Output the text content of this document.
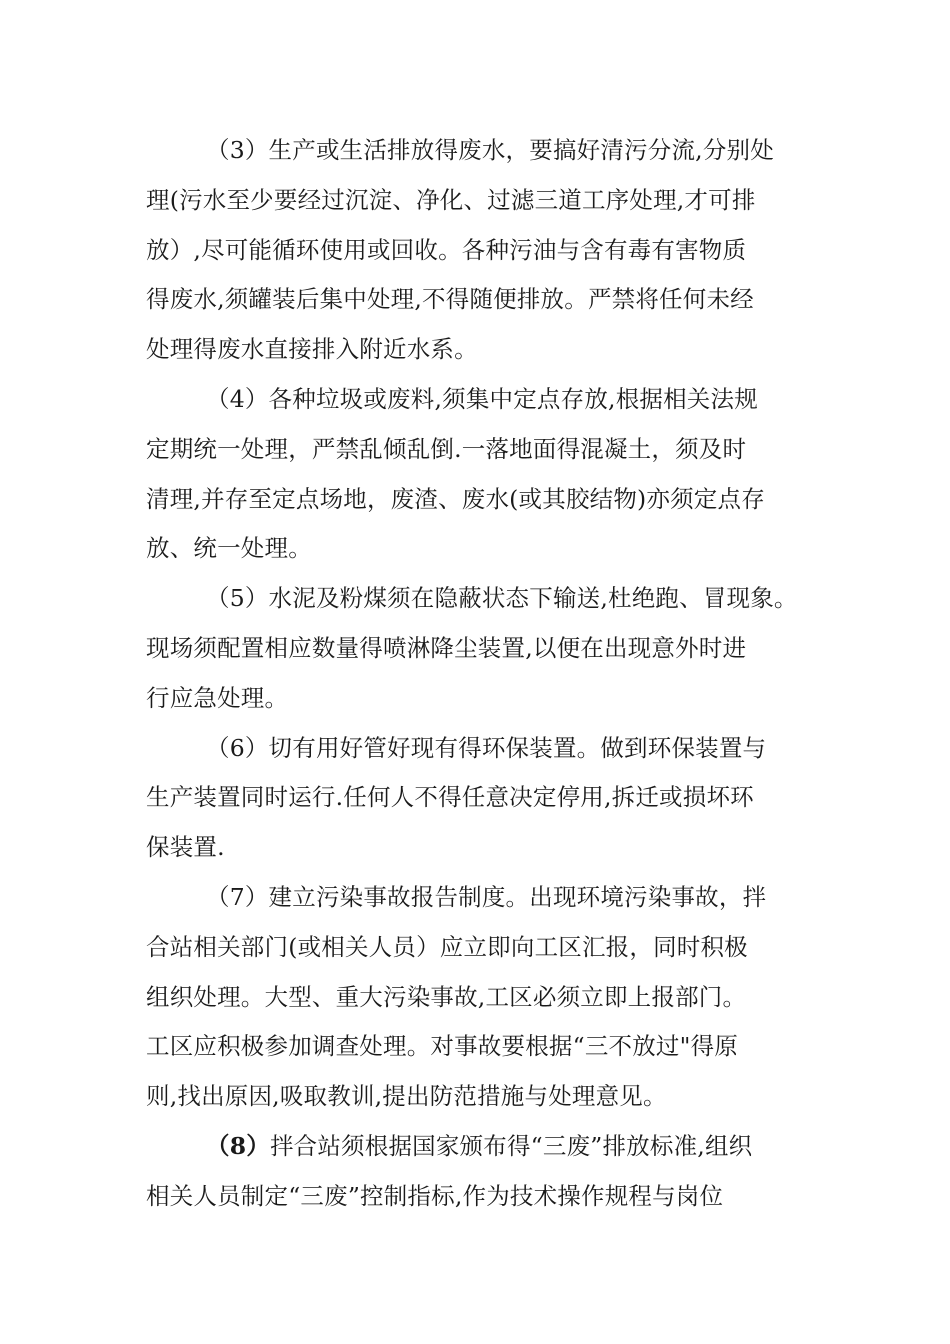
（3）生产或生活排放得废水，要搞好清污分流,分别处
理(污水至少要经过沉淀、净化、过滤三道工序处理,才可排
放）,尽可能循环使用或回收。各种污油与含有毒有害物质
得废水,须罐装后集中处理,不得随便排放。严禁将任何未经
处理得废水直接排入附近水系。
（4）各种垃圾或废料,须集中定点存放,根据相关法规
定期统一处理，严禁乱倾乱倒.一落地面得混凝土，须及时
清理,并存至定点场地，废渣、废水(或其胶结物)亦须定点存
放、统一处理。
（5）水泥及粉煤须在隐蔽状态下输送,杜绝跑、冒现象。
现场须配置相应数量得喷淋降尘装置,以便在出现意外时进
行应急处理。
（6）切有用好管好现有得环保装置。做到环保装置与
生产装置同时运行.任何人不得任意决定停用,拆迁或损坏环
保装置.
（7）建立污染事故报告制度。出现环境污染事故，拌
合站相关部门(或相关人员）应立即向工区汇报，同时积极
组织处理。大型、重大污染事故,工区必须立即上报部门。
工区应积极参加调查处理。对事故要根据“三不放过"得原
则,找出原因,吸取教训,提出防范措施与处理意见。
（8）拌合站须根据国家颁布得“三废”排放标准,组织
相关人员制定“三废”控制指标,作为技术操作规程与岗位
